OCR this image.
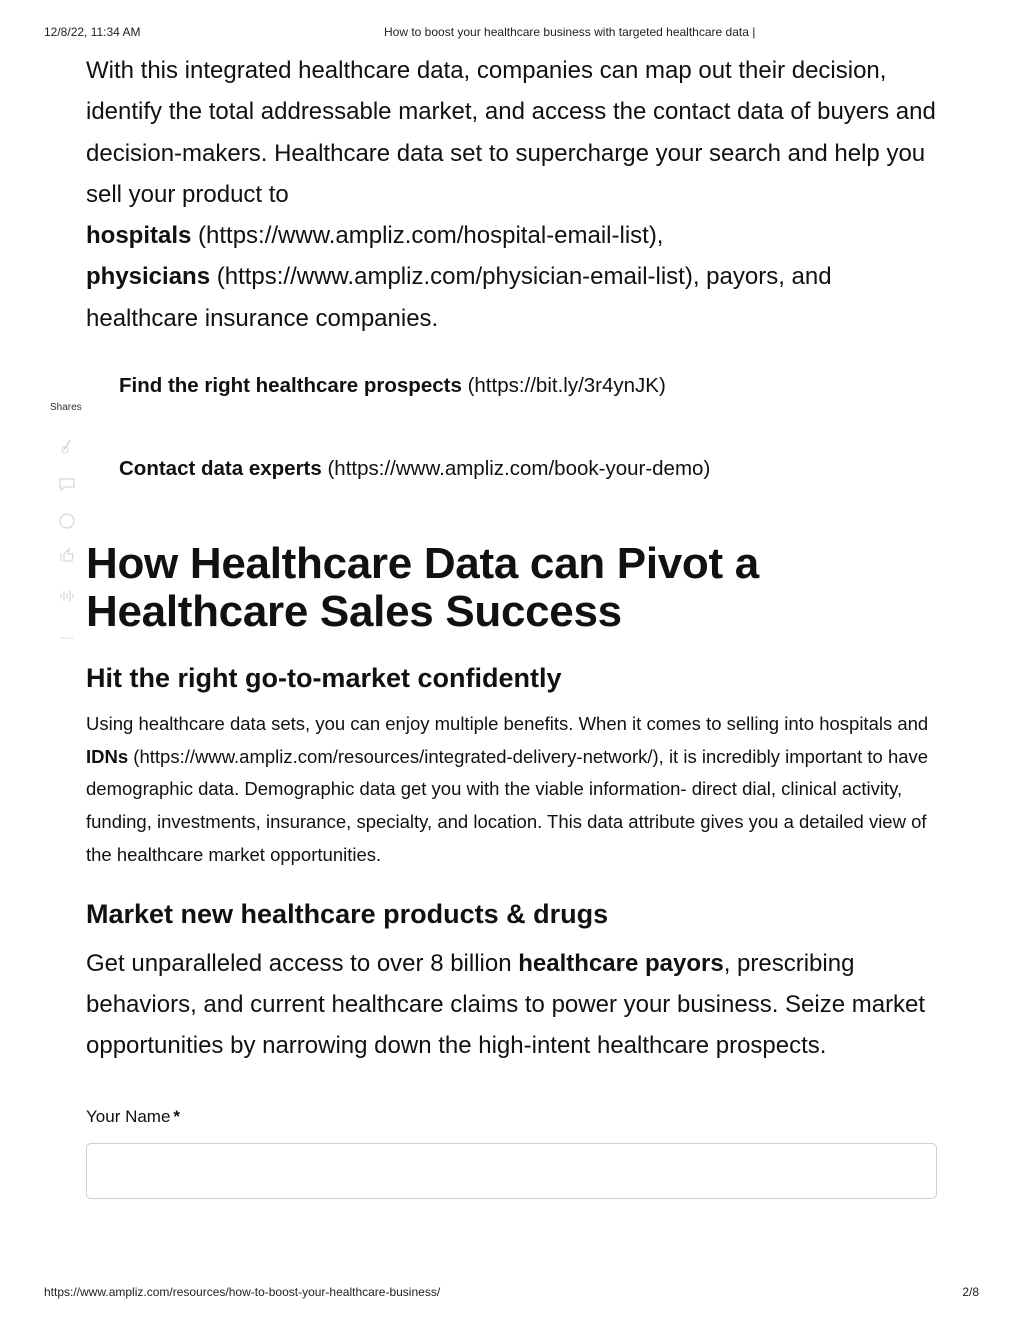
12/8/22, 11:34 AM	How to boost your healthcare business with targeted healthcare data |

With this integrated healthcare data, companies can map out their decision, identify the total addressable market, and access the contact data of buyers and decision-makers. Healthcare data set to supercharge your search and help you sell your product to
hospitals (https://www.ampliz.com/hospital-email-list),
physicians (https://www.ampliz.com/physician-email-list), payors, and
healthcare insurance companies.

Find the right healthcare prospects (https://bit.ly/3r4ynJK)
Contact data experts (https://www.ampliz.com/book-your-demo)
Shares
How Healthcare Data can Pivot a Healthcare Sales Success
Hit the right go-to-market confidently

Using healthcare data sets, you can enjoy multiple benefits. When it comes to selling into hospitals and IDNs (https://www.ampliz.com/resources/integrated-delivery-network/), it is incredibly important to have demographic data. Demographic data get you with the viable information- direct dial, clinical activity, funding, investments, insurance, specialty, and location. This data attribute gives you a detailed view of the healthcare market opportunities.

Market new healthcare products & drugs

Get unparalleled access to over 8 billion healthcare payors, prescribing behaviors, and current healthcare claims to power your business. Seize market opportunities by narrowing down the high-intent healthcare prospects.

Your Name *
https://www.ampliz.com/resources/how-to-boost-your-healthcare-business/	2/8
